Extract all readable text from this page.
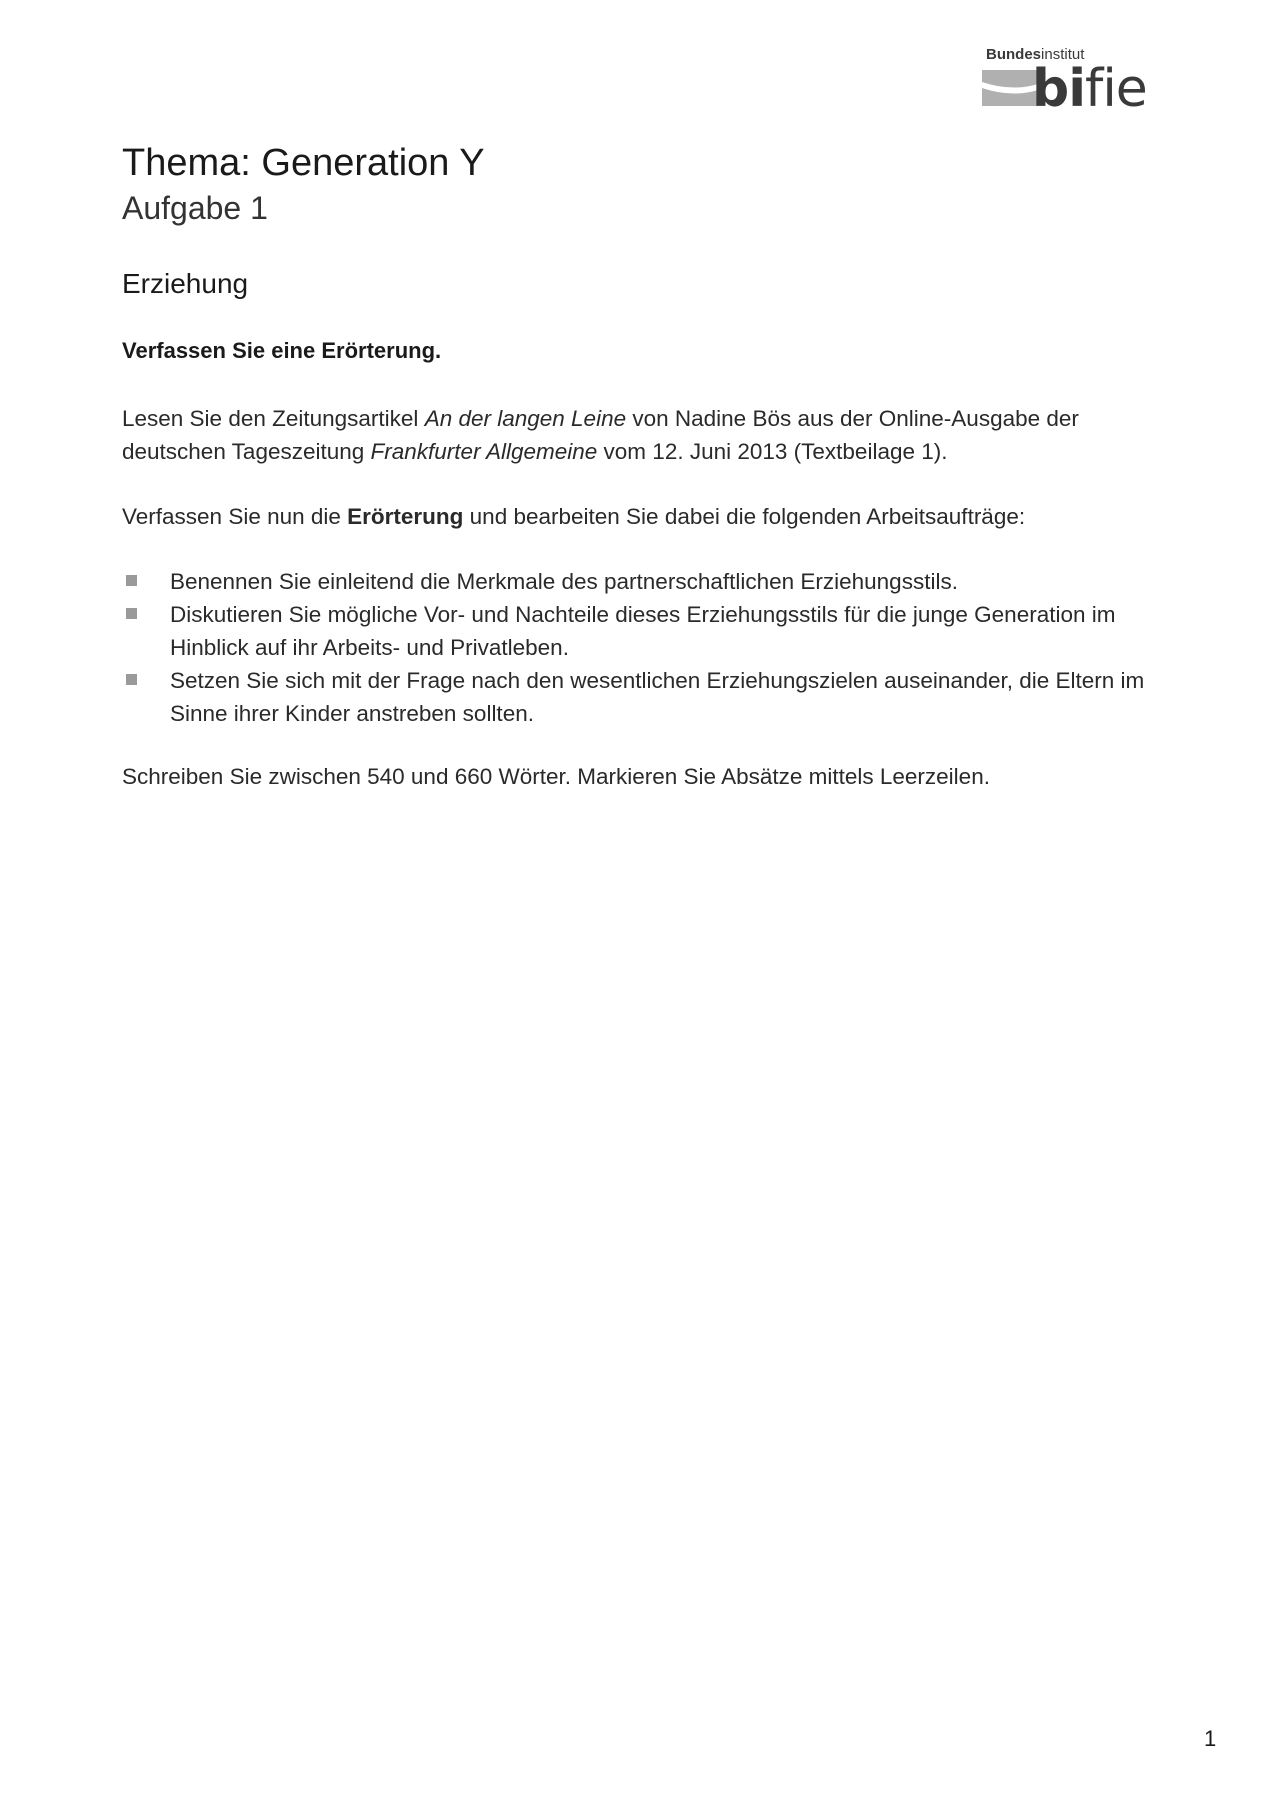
Bundesinstitut
bifie
Thema: Generation Y
Aufgabe 1
Erziehung

Verfassen Sie eine Erörterung.

Lesen Sie den Zeitungsartikel An der langen Leine von Nadine Bös aus der Online-Ausgabe der deutschen Tageszeitung Frankfurter Allgemeine vom 12. Juni 2013 (Textbeilage 1).

Verfassen Sie nun die Erörterung und bearbeiten Sie dabei die folgenden Arbeitsaufträge:

Benennen Sie einleitend die Merkmale des partnerschaftlichen Erziehungsstils.
Diskutieren Sie mögliche Vor- und Nachteile dieses Erziehungsstils für die junge Generation im Hinblick auf ihr Arbeits- und Privatleben.
Setzen Sie sich mit der Frage nach den wesentlichen Erziehungszielen auseinander, die Eltern im Sinne ihrer Kinder anstreben sollten.

Schreiben Sie zwischen 540 und 660 Wörter. Markieren Sie Absätze mittels Leerzeilen.

1
